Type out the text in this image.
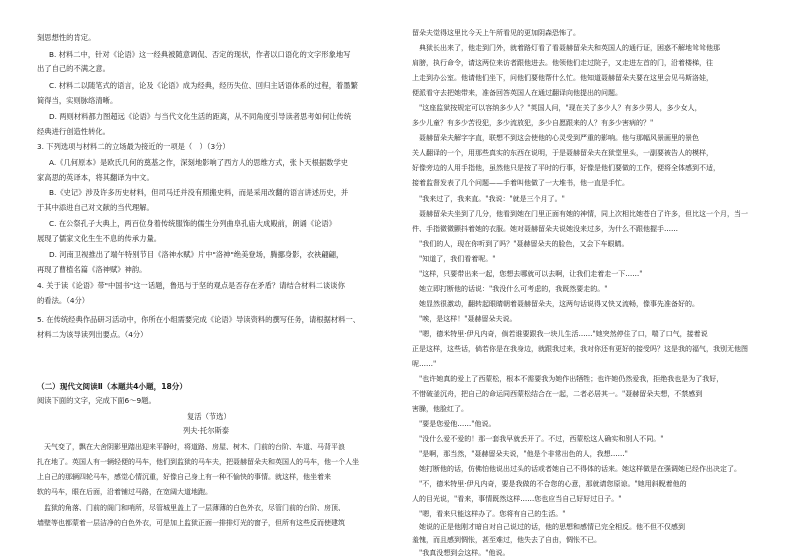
刻思想性的肯定。
B. 材料二中，针对《论语》这一经典被随意调侃、否定的现状，作者以口语化的文字形象地写
出了自己的不满之意。
C. 材料二以随笔式的语言，论及《论语》成为经典，经历失位、回归主话语体系的过程，着墨繁
简得当，实则脉络清晰。
D. 两则材料都力图超远《论语》与当代文化生活的距离，从不同角度引导读者思考如何让传统
经典进行创造性转化。
3. 下列选项与材料二的立场最为接近的一项是（　）（3分）
A.《几何原本》是欧氏几何的奠基之作，深刻地影响了西方人的思维方式，张卜天根据数学史
家高思的英译本，将其翻译为中文。
B.《史记》涉及许多历史材料，但司马迁并没有照搬史料，而是采用改翻的语言讲述历史，并
于其中添进自己对文献的当代理解。
C. 在公祭孔子大典上，两百位身着传统服饰的儒生分列曲阜孔庙大成殿前，朗诵《论语》
展现了儒家文化生生不息的传承力量。
D. 河南卫视推出了端午特别节目《洛神水赋》片中"洛神"绝美登场，腾挪身影，衣袂翩翩，
再现了曹植名篇《洛神赋》神韵。
4. 关于读《论语》带"中国书"这一话题，鲁迅与于坚的观点是否存在矛盾？请结合材料二谈谈你
的看法。（4分）
5. 在传统经典作品研习活动中，你所在小组需要完成《论语》导读资料的撰写任务，请根据材料一、
材料二为该导读列出要点。（4分）
（二）现代文阅读Ⅱ（本题共4小题，18分）
阅读下面的文字，完成下面6～9题。
复活（节选）
列夫·托尔斯泰
　天气变了，飘在大舍阴影里踏出迎来平静时，将道路、房屋、树木、门前的台阶、车道、马背平浪
扎在地了。英国人有一辆轻便的马车，他们到监狱的马车夫，把聂赫留朵夫和英国人的马车，他一个人坐
上自己的那辆四轮马车，感觉心情沉重，好像自己身上有一种不愉快的事情。就这样，他坐着来
软的马车，眼在后面，沿着铺过马路，在宽阔大道地跑。
　监狱的角落、门前的阁门和哨所，尽管城里盖上了一层薄薄的白色外衣，尽管门前的台阶、房顶、
墙壁等也都蒙着一层洁净的白色外衣，可是加上监狱正面一排排灯光的窗子，但所有这些反而使建筑
留朵夫觉得这里比今天上午所看见的更加阴森恐怖了。
　典狱长出来了，他走到门外，就着路灯看了看聂赫留朵夫和英国人的通行证，困惑不解地耸耸他那
肩膀，执行命令，请这两位来访者跟他进去。他领他们走过院子，又走进左首的门，沿着楼梯，往
上走到办公室。他请他们坐下，问他们要他帮什么忙。他知道聂赫留朵夫要在这里会见马斯洛娃，
便派看守去把她带来，准备回答英国人在通过翻译向他提出的问题。
　"这座监狱按规定可以容纳多少人？"英国人问，"现在关了多少人？有多少男人，多少女人，
多少儿童？有多少苦役犯，多少流放犯，多少自愿跟来的人？有多少害病的？"
　聂赫留朵夫解字字直，联想不到这会使他的心灵受到严重的影响。他与那幅风景画里的景色
关人翻译的一个，用那些真实的东西在说明，于是聂赫留朵夫在狱堂里头，一副要被告人的模样，
好像旁边的人用手指他，虽然他只是按了平时的行事，好像是他们要做的工作，便将全体感到不适，
接着监督发表了几个问题——手着叫他做了一大堆书，他一直是手忙。
　"我来过了，我来直。"我说："就是三个月了。"
　聂赫留朵夫坐到了几分，他看到她在门里正面有她的神情，同上次相比她苍白了许多，但比这一个月，当一
件、手指微微颤抖着她的衣服。她对聂赫留朵夫说她没来过多，为什么不跟他握手……
　"我们的人，现在你听到了吗？"聂赫留朵夫的脸色，又会下车眼睛。
　"知道了，我们看着呢。"
　"这样，只要带出来一起，您想去哪就可以去啊，让我们走着走一下……"
　她立即打断他的话说："我没什么可考虑的，我既然要走的。"
　她显然很激动，翻转起眼睛朝着聂赫留朵夫，这两句话说得又快又流畅，像事先准备好的。
　"唉，是这样！"聂赫留朵夫说。
　"嗯，德米特里·伊凡内奇，倘若谁要跟我一块儿生活……"她突然停住了口，喘了口气，接着说
正是这样，这些话，倘若你是在我身边，就跟我过来，我对你还有更好的接受吗？这是我的福气，我别无他图
呢……"
　"也许她真的爱上了西蒙松，根本不需要我为她作出牺牲；也许她仍然爱我，拒绝我也是为了我好，
不惜破釜沉舟，把自己的命运同西蒙松结合在一起，二者必居其一。"聂赫留朵夫想，不禁感到
害臊，他脸红了。
　"要是您爱他……"他说。
　"没什么爱不爱的！那一套我早就丢开了。不过，西蒙松这人确实和别人不同。"
　"是啊，那当然，"聂赫留朵夫说，"他是个非常出色的人，我想……"
　她打断他的话，仿佛怕他说出过头的话或者她自己不得体的话来。她这样做是在强调她已经作出决定了。
　"不，德米特里·伊凡内奇，要是我做的不合您的心意，那就请您原谅。"她用斜睨着他的
人的目光说，"看来，事情既然这样……您也应当自己好好过日子。"
　"嗯，看来只能这样办了。您将有自己的生活。"
　她说的正是他刚才暗自对自己说过的话，他的思想和感情已完全相反。他不但不仅感到
羞愧，而且感到惆怅，甚至难过，他失去了自由，惆怅不已。
　"我真没想到会这样。"他说。
